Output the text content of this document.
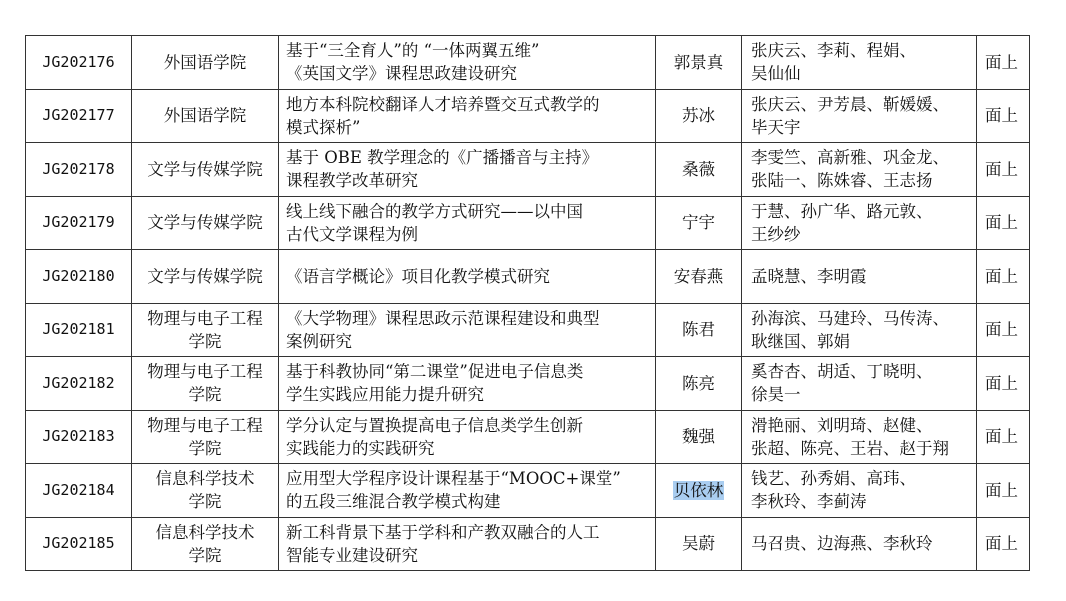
JG202176	外国语学院	基于“三全育人”的 “一体两翼五维”
《英国文学》课程思政建设研究	郭景真	张庆云、李莉、程娟、
吴仙仙	面上
JG202177	外国语学院	地方本科院校翻译人才培养暨交互式教学的
模式探析”	苏冰	张庆云、尹芳晨、靳媛媛、
毕天宇	面上
JG202178	文学与传媒学院	基于 OBE 教学理念的《广播播音与主持》
课程教学改革研究	桑薇	李雯竺、高新雅、巩金龙、
张陆一、陈姝睿、王志扬	面上
JG202179	文学与传媒学院	线上线下融合的教学方式研究——以中国
古代文学课程为例	宁宇	于慧、孙广华、路元敦、
王纱纱	面上
JG202180	文学与传媒学院	《语言学概论》项目化教学模式研究	安春燕	孟晓慧、李明霞	面上
JG202181	物理与电子工程
学院	《大学物理》课程思政示范课程建设和典型
案例研究	陈君	孙海滨、马建玲、马传涛、
耿继国、郭娟	面上
JG202182	物理与电子工程
学院	基于科教协同“第二课堂”促进电子信息类
学生实践应用能力提升研究	陈亮	奚杏杏、胡适、丁晓明、
徐昊一	面上
JG202183	物理与电子工程
学院	学分认定与置换提高电子信息类学生创新
实践能力的实践研究	魏强	滑艳丽、刘明琦、赵健、
张超、陈亮、王岩、赵于翔	面上
JG202184	信息科学技术
学院	应用型大学程序设计课程基于“MOOC+课堂”
的五段三维混合教学模式构建	贝依林	钱艺、孙秀娟、高玮、
李秋玲、李蓟涛	面上
JG202185	信息科学技术
学院	新工科背景下基于学科和产教双融合的人工
智能专业建设研究	吴蔚	马召贵、边海燕、李秋玲	面上
